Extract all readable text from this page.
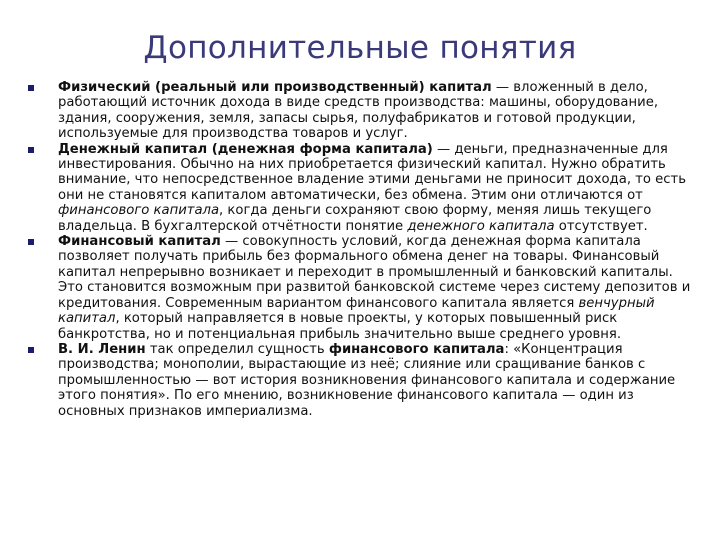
Дополнительные понятия
Физический (реальный или производственный) капитал — вложенный в дело, работающий источник дохода в виде средств производства: машины, оборудование, здания, сооружения, земля, запасы сырья, полуфабрикатов и готовой продукции, используемые для производства товаров и услуг.
Денежный капитал (денежная форма капитала) — деньги, предназначенные для инвестирования. Обычно на них приобретается физический капитал. Нужно обратить внимание, что непосредственное владение этими деньгами не приносит дохода, то есть они не становятся капиталом автоматически, без обмена. Этим они отличаются от финансового капитала, когда деньги сохраняют свою форму, меняя лишь текущего владельца. В бухгалтерской отчётности понятие денежного капитала отсутствует.
Финансовый капитал — совокупность условий, когда денежная форма капитала позволяет получать прибыль без формального обмена денег на товары. Финансовый капитал непрерывно возникает и переходит в промышленный и банковский капиталы. Это становится возможным при развитой банковской системе через систему депозитов и кредитования. Современным вариантом финансового капитала является венчурный капитал, который направляется в новые проекты, у которых повышенный риск банкротства, но и потенциальная прибыль значительно выше среднего уровня.
В. И. Ленин так определил сущность финансового капитала: «Концентрация производства; монополии, вырастающие из неё; слияние или сращивание банков с промышленностью — вот история возникновения финансового капитала и содержание этого понятия». По его мнению, возникновение финансового капитала — один из основных признаков империализма.
